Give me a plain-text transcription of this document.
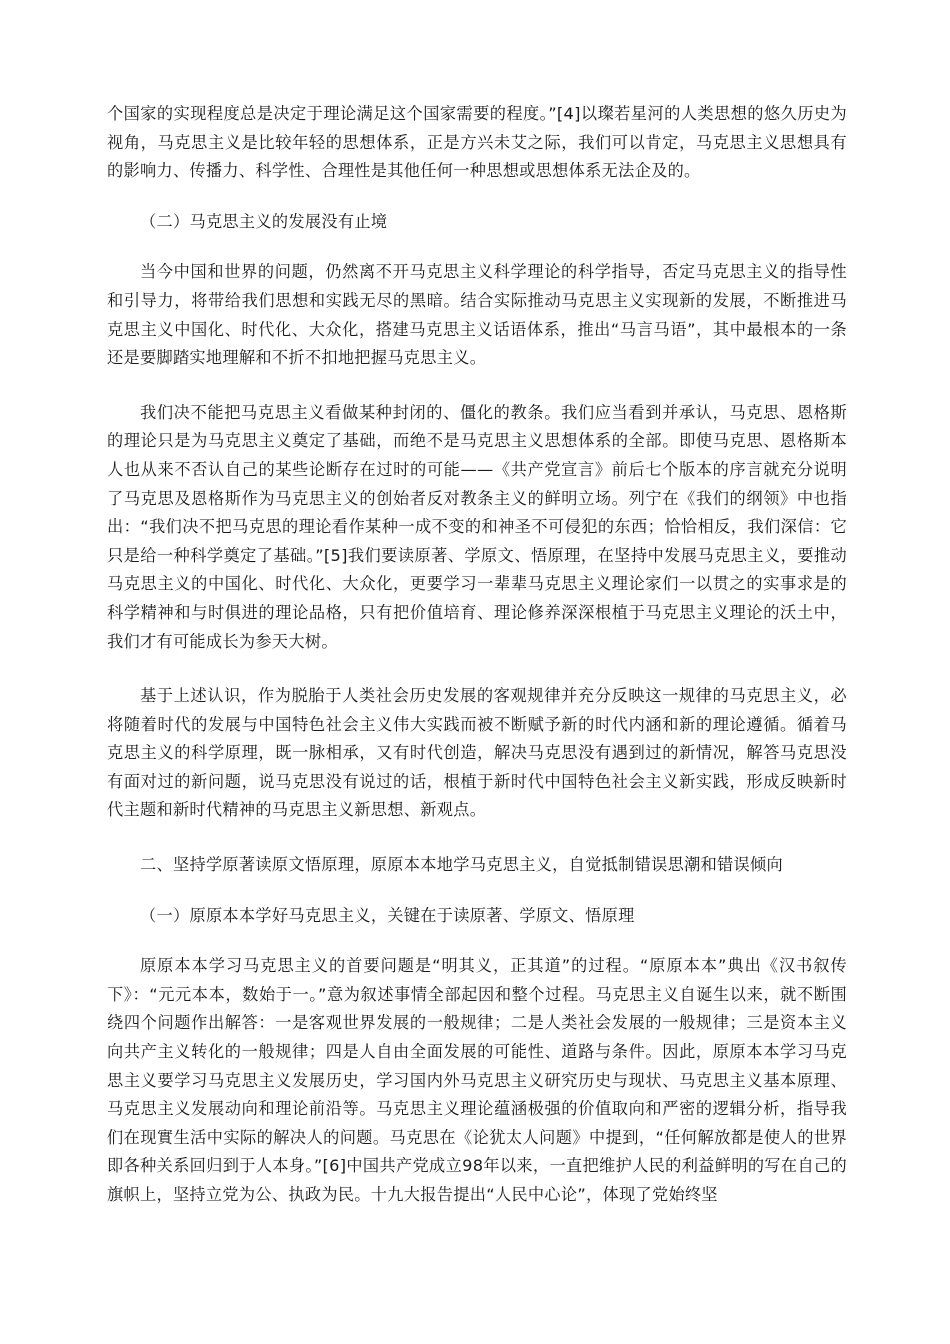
个国家的实现程度总是决定于理论满足这个国家需要的程度。”[4]以璨若星河的人类思想的悠久历史为视角，马克思主义是比较年轻的思想体系，正是方兴未艾之际，我们可以肯定，马克思主义思想具有的影响力、传播力、科学性、合理性是其他任何一种思想或思想体系无法企及的。

（二）马克思主义的发展没有止境

当今中国和世界的问题，仍然离不开马克思主义科学理论的科学指导，否定马克思主义的指导性和引导力，将带给我们思想和实践无尽的黑暗。结合实际推动马克思主义实现新的发展，不断推进马克思主义中国化、时代化、大众化，搭建马克思主义话语体系，推出“马言马语”，其中最根本的一条还是要脚踏实地理解和不折不扣地把握马克思主义。

我们决不能把马克思主义看做某种封闭的、僵化的教条。我们应当看到并承认，马克思、恩格斯的理论只是为马克思主义奠定了基础，而绝不是马克思主义思想体系的全部。即使马克思、恩格斯本人也从来不否认自己的某些论断存在过时的可能——《共产党宣言》前后七个版本的序言就充分说明了马克思及恩格斯作为马克思主义的创始者反对教条主义的鲜明立场。列宁在《我们的纲领》中也指出：“我们决不把马克思的理论看作某种一成不变的和神圣不可侵犯的东西；恰恰相反，我们深信：它只是给一种科学奠定了基础。”[5]我们要读原著、学原文、悟原理，在坚持中发展马克思主义，要推动马克思主义的中国化、时代化、大众化，更要学习一辈辈马克思主义理论家们一以贯之的实事求是的科学精神和与时俱进的理论品格，只有把价值培育、理论修养深深根植于马克思主义理论的沃土中，我们才有可能成长为参天大树。

基于上述认识，作为脱胎于人类社会历史发展的客观规律并充分反映这一规律的马克思主义，必将随着时代的发展与中国特色社会主义伟大实践而被不断赋予新的时代内涵和新的理论遵循。循着马克思主义的科学原理，既一脉相承，又有时代创造，解决马克思没有遇到过的新情况，解答马克思没有面对过的新问题，说马克思没有说过的话，根植于新时代中国特色社会主义新实践，形成反映新时代主题和新时代精神的马克思主义新思想、新观点。

二、坚持学原著读原文悟原理，原原本本地学马克思主义，自觉抵制错误思潮和错误倾向

（一）原原本本学好马克思主义，关键在于读原著、学原文、悟原理

原原本本学习马克思主义的首要问题是“明其义，正其道”的过程。“原原本本”典出《汉书叙传下》：“元元本本，数始于一。”意为叙述事情全部起因和整个过程。马克思主义自诞生以来，就不断围绕四个问题作出解答：一是客观世界发展的一般规律；二是人类社会发展的一般规律；三是资本主义向共产主义转化的一般规律；四是人自由全面发展的可能性、道路与条件。因此，原原本本学习马克思主义要学习马克思主义发展历史，学习国内外马克思主义研究历史与现状、马克思主义基本原理、马克思主义发展动向和理论前沿等。马克思主义理论蕴涵极强的价值取向和严密的逻辑分析，指导我们在现實生活中实际的解决人的问题。马克思在《论犹太人问题》中提到，“任何解放都是使人的世界即各种关系回归到于人本身。”[6]中国共产党成立98年以来，一直把维护人民的利益鲜明的写在自己的旗帜上，坚持立党为公、执政为民。十九大报告提出“人民中心论”，体现了党始终坚
